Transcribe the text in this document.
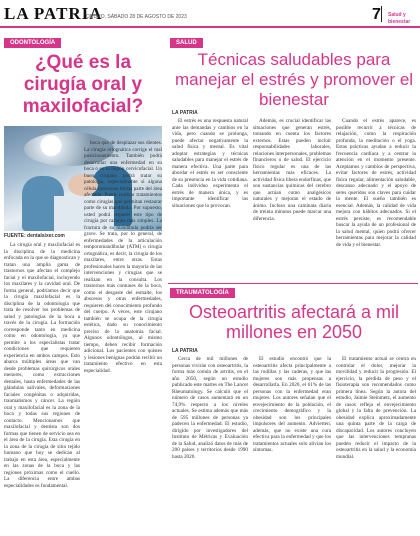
LA PATRIA
ORURO, SÁBADO 28 DE AGOSTO DE 2023	7 Salud y bienestar
ODONTOLOGÍA
¿Qué es la cirugía oral y maxilofacial?
FUENTE: dentalsixer.com

La cirugía oral y maxilofacial es la disciplina de la medicina enfocada en la que se diagnostican y tratan una amplia gama de trastornos que afectan el complejo facial y el maxilofacial, incluyendo los maxilares y la cavidad oral. De forma general, podríamos decir que la cirugía maxilofacial es la disciplina de la odontología que trata de resolver los problemas de salud y patologías de la boca a través de la cirugía. La formación corresponde tanto en medicina como en odontología, ya que permite a los especialistas tratar condiciones que requieren experiencia en ambos campos. Esto abarca múltiples áreas que van desde problemas quirúrgicos orales menores, como extracciones dentales, hasta enfermedades de las glándulas salivales, deformaciones faciales congénitas o adquiridas, traumatismos y cáncer. La región oral y maxilofacial es la zona de la boca y todas sus regiones de contacto. Mencionamos que maxilofacial y dentista son dos formas que tienen de servicio sea en el área de la cirugía. Esta cirugía en la zona de la cirugía de sitio tejido humano que hoy se dedican al trabajo en esta área, especialmente en las zonas de la boca y las regiones próximas como el cuello. La diferencia entre ambas especialidades es fundamental.

boca que de desplazar sus dientes. La cirugía ortognática corrige el mal posicionamiento. También podrá desarrollar una enfermedad en su boca o en la región cervicofacial. Un buen cirujano podrá tratar su patología, especialmente si alguna célula cancerosa forma parte del área afectada. Puede realizar tratamientos como cirugías que permitan restaurar parte de su mandíbula. Por supuesto, usted podrá requerir este tipo de cirugía por razones más simples. La fractura de su mandíbula podría ser grave. Se trata, por lo general, de enfermedades de la articulación temporomandibular (ATM) o cirugía ortognática, es decir, la cirugía de los maxilares, entre otras. Estas profesionales hacen la mayoría de las intervenciones y cirugías que se realizan en la consulta. Los trastornos más comunes de la boca, como el desgaste del esmalte, los abscesos y otras enfermedades, requieren del conocimiento profundo del cuerpo. A veces, este cirujano también se ocupa de la cirugía estética, dado su conocimiento preciso de la anatomía facial. Algunos odontólogos, al mismo tiempo, deben recibir formación adicional. Los pacientes con quistes y lesiones benignas podrán recibir un tratamiento efectivo en esta especialidad.

SALUD
Técnicas saludables para manejar el estrés y promover el bienestar
LA PATRIA

El estrés es una respuesta natural ante las demandas y cambios en la vida, pero cuando se prolonga, puede afectar negativamente la salud física y mental. Es vital adoptar estrategias y técnicas saludables para manejar el estrés de manera efectiva. Una parte para abordar el estrés es ser consciente de su presencia en la vida cotidiana. Cada individuo experimenta el estrés de manera única, y es importante identificar las situaciones que lo provocan.

Además, es crucial identificar las situaciones que generan estrés, tomando en cuenta los factores externos. Estas pueden incluir responsabilidades laborales, relaciones interpersonales, problemas financieros o de salud. El ejercicio físico regular es una de las herramientas más eficaces. La actividad física libera endorfinas, que son sustancias químicas del cerebro que actúan como analgésicos naturales y mejoran el estado de ánimo. Incluso una caminata diaria de treinta minutos puede marcar una diferencia.

Cuando el estrés aparece, es posible recurrir a técnicas de relajación, como la respiración profunda, la meditación o el yoga. Estas prácticas ayudan a reducir la frecuencia cardíaca y a centrar la atención en el momento presente. Aceptamos y cambios de perspectiva, evitar factores de estrés, actividad física regular, alimentación saludable, descanso adecuado y el apoyo de seres queridos son claves para cuidar la mente. El sueño también es esencial. Además, la calidad de vida mejora con hábitos adecuados. Si el estrés persiste, es recomendable buscar la ayuda de un profesional de la salud mental, quien podrá ofrecer herramientas para mejorar la calidad de vida y el bienestar.

TRAUMATOLOGÍA
Osteoartritis afectará a mil millones en 2050
LA PATRIA

Cerca de mil millones de personas vivirán con osteoartritis, la forma más común de artritis, en el año 2050, según un estudio publicado este martes en The Lancet Rheumatology. Se calculó que el número de casos aumentará en un 74,9% respecto a los niveles actuales. Se estima además que más de 595 millones de personas ya padecen la enfermedad. El estudio, dirigido por investigadores del Instituto de Métricas y Evaluación de la Salud, analizó datos de más de 200 países y territorios desde 1990 hasta 2020.

El estudio encontró que la osteoartritis afecta principalmente a las rodillas y las caderas, y que las mujeres son más propensas a desarrollarla. En 2020, el 61% de las personas con la enfermedad eran mujeres. Los autores señalan que el envejecimiento de la población, el crecimiento demográfico y la obesidad son los principales impulsores del aumento. Advierten, además, que no existe una cura efectiva para la enfermedad y que los tratamientos actuales solo alivian los síntomas.

El tratamiento actual se centra en controlar el dolor, mejorar la movilidad y reducir la progresión. El ejercicio, la pérdida de peso y el fisioterapia son recomendados como primera línea. Según la autora del estudio, Jaimie Steinmetz, el aumento de casos refleja el envejecimiento global y la falta de prevención. La obesidad explica aproximadamente una quinta parte de la carga de discapacidad. Los autores concluyen que las intervenciones tempranas pueden reducir el impacto de la osteoartritis en la salud y la economía mundial.
